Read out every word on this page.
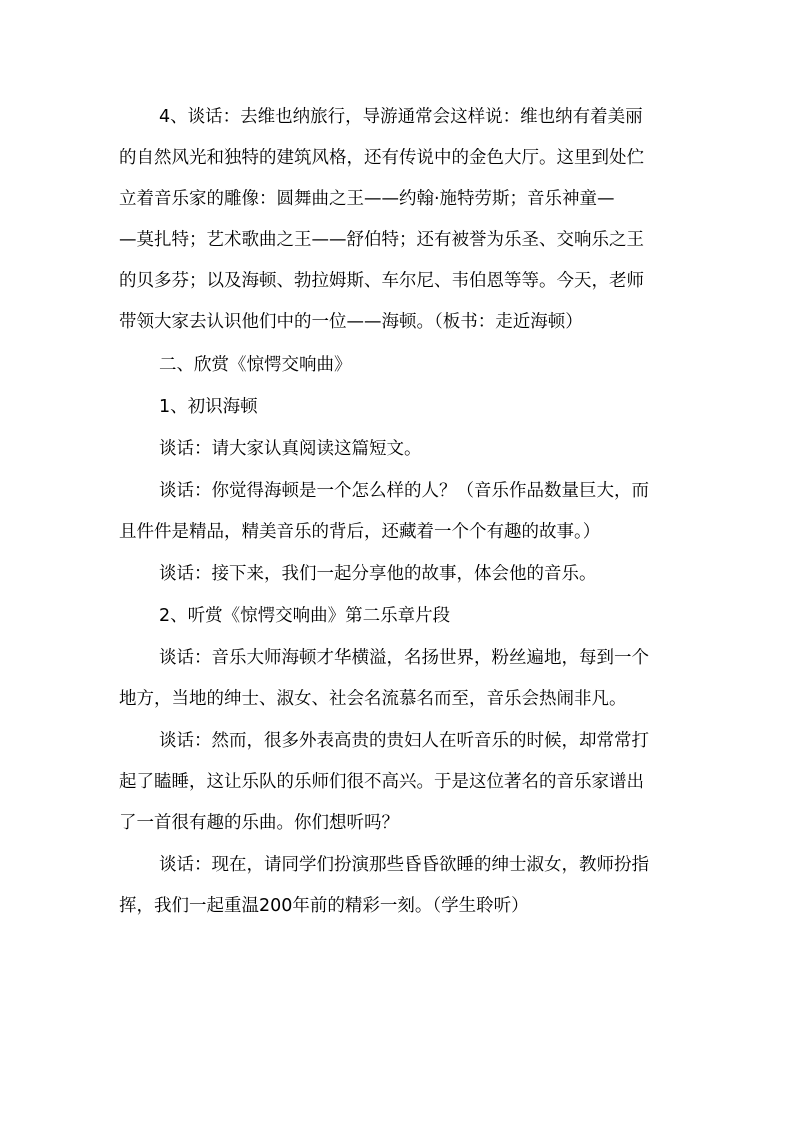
4、谈话：去维也纳旅行，导游通常会这样说：维也纳有着美丽
的自然风光和独特的建筑风格，还有传说中的金色大厅。这里到处伫
立着音乐家的雕像：圆舞曲之王——约翰·施特劳斯；音乐神童—
—莫扎特；艺术歌曲之王——舒伯特；还有被誉为乐圣、交响乐之王
的贝多芬；以及海顿、勃拉姆斯、车尔尼、韦伯恩等等。今天，老师
带领大家去认识他们中的一位——海顿。（板书：走近海顿）
二、欣赏《惊愕交响曲》
1、初识海顿
谈话：请大家认真阅读这篇短文。
谈话：你觉得海顿是一个怎么样的人？（音乐作品数量巨大，而
且件件是精品，精美音乐的背后，还藏着一个个有趣的故事。）
谈话：接下来，我们一起分享他的故事，体会他的音乐。
2、听赏《惊愕交响曲》第二乐章片段
谈话：音乐大师海顿才华横溢，名扬世界，粉丝遍地，每到一个
地方，当地的绅士、淑女、社会名流慕名而至，音乐会热闹非凡。
谈话：然而，很多外表高贵的贵妇人在听音乐的时候，却常常打
起了瞌睡，这让乐队的乐师们很不高兴。于是这位著名的音乐家谱出
了一首很有趣的乐曲。你们想听吗？
谈话：现在，请同学们扮演那些昏昏欲睡的绅士淑女，教师扮指
挥，我们一起重温200年前的精彩一刻。（学生聆听）
